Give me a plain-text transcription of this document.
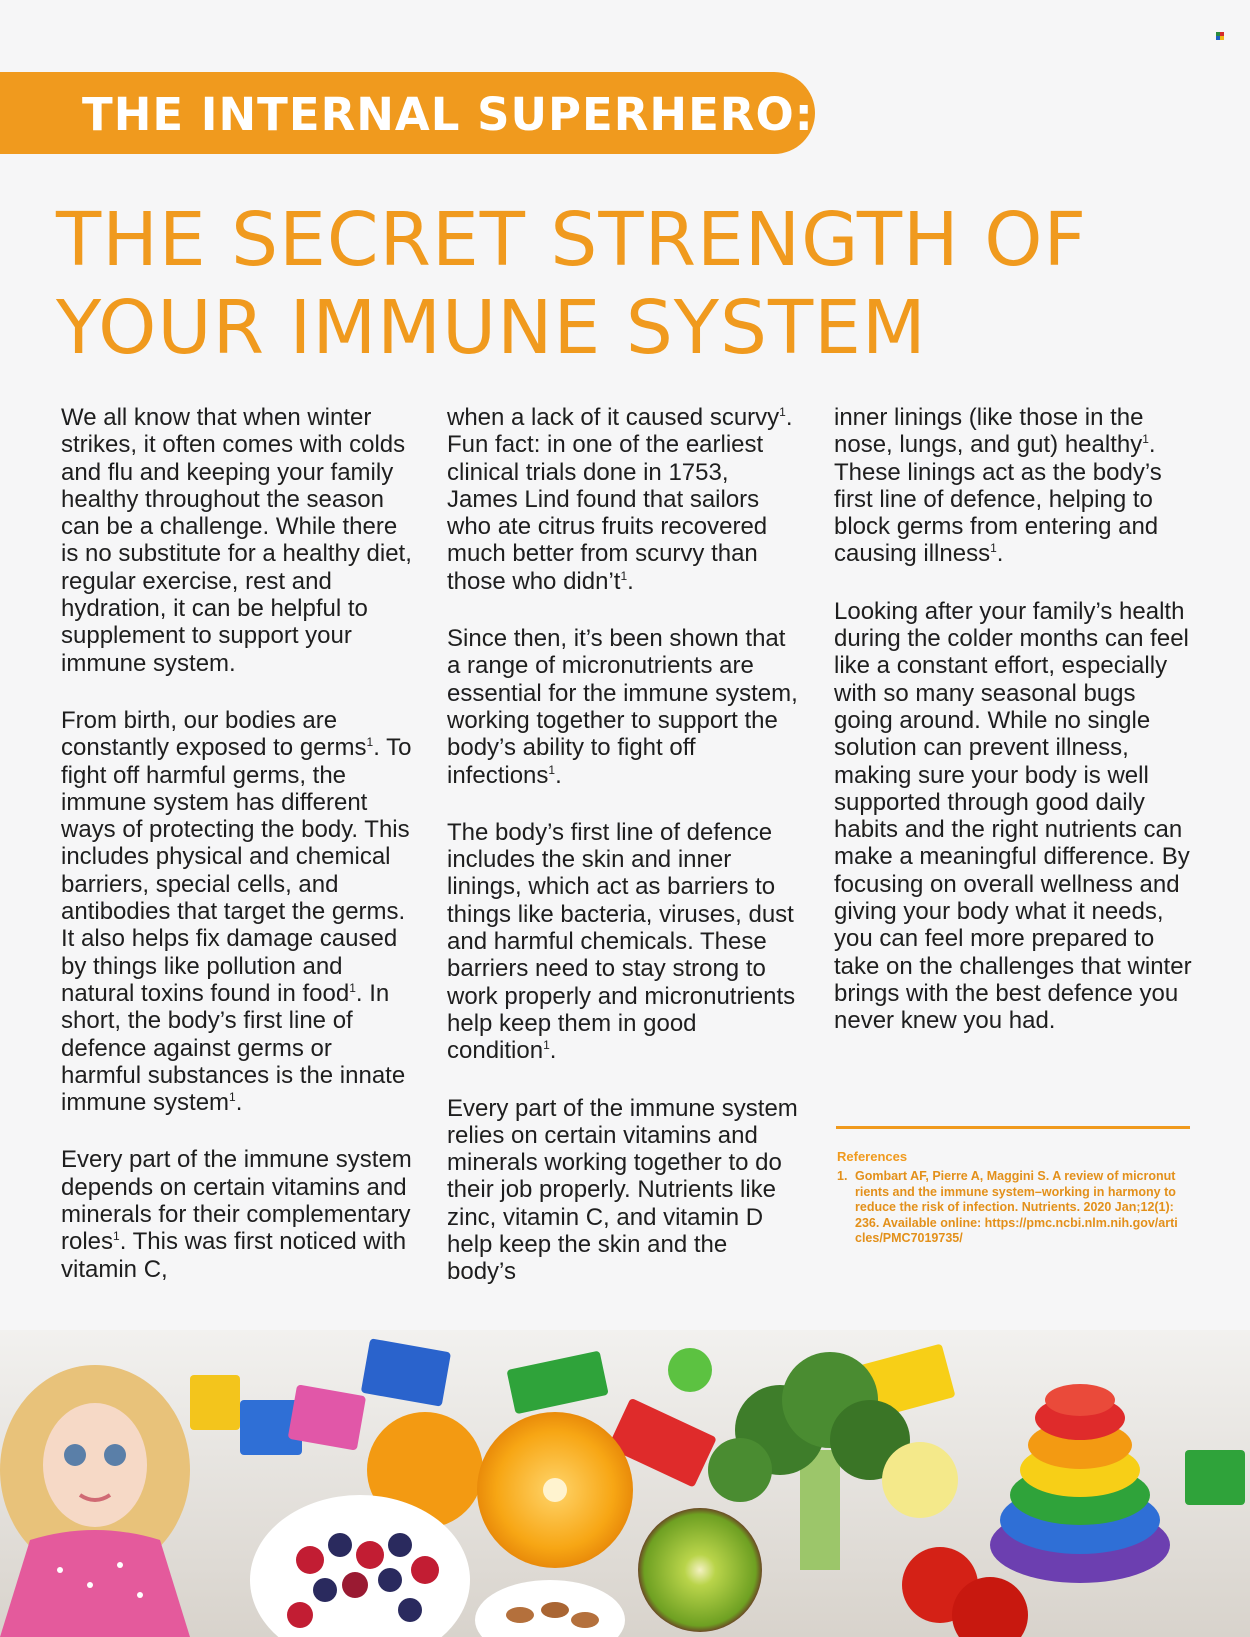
THE INTERNAL SUPERHERO:
THE SECRET STRENGTH OF
YOUR IMMUNE SYSTEM

We all know that when winter strikes, it often comes with colds and flu and keeping your family healthy throughout the season can be a challenge. While there is no substitute for a healthy diet, regular exercise, rest and hydration, it can be helpful to supplement to support your immune system.

From birth, our bodies are constantly exposed to germs$^1$. To fight off harmful germs, the immune system has different ways of protecting the body. This includes physical and chemical barriers, special cells, and antibodies that target the germs. It also helps fix damage caused by things like pollution and natural toxins found in food$^1$. In short, the body’s first line of defence against germs or harmful substances is the innate immune system$^1$.

Every part of the immune system depends on certain vitamins and minerals for their complementary roles$^1$. This was first noticed with vitamin C,

when a lack of it caused scurvy$^1$. Fun fact: in one of the earliest clinical trials done in 1753, James Lind found that sailors who ate citrus fruits recovered much better from scurvy than those who $didn’t^1$.

Since then, it’s been shown that a range of micronutrients are essential for the immune system, working together to support the body’s ability to fight off infections$^1$.

The body’s first line of defence includes the skin and inner linings, which act as barriers to things like bacteria, viruses, dust and harmful chemicals. These barriers need to stay strong to work properly and micronutrients help keep them in good condition$^1$.

Every part of the immune system relies on certain vitamins and minerals working together to do their job properly. Nutrients like zinc, vitamin C, and vitamin D help keep the skin and the body’s

inner linings (like those in the nose, lungs, and gut) healthy$^1$. These linings act as the body’s first line of defence, helping to block germs from entering and causing illness$^1$.

Looking after your family’s health during the colder months can feel like a constant effort, especially with so many seasonal bugs going around. While no single solution can prevent illness, making sure your body is well supported through good daily habits and the right nutrients can make a meaningful difference. By focusing on overall wellness and giving your body what it needs, you can feel more prepared to take on the challenges that winter brings with the best defence you never knew you had.

References
1. Gombart AF, Pierre A, Maggini S. A review of micronutrients and the immune system–working in harmony to reduce the risk of infection. Nutrients. 2020 Jan;12(1):236. Available online: https://pmc.ncbi.nlm.nih.gov/articles/PMC7019735/
